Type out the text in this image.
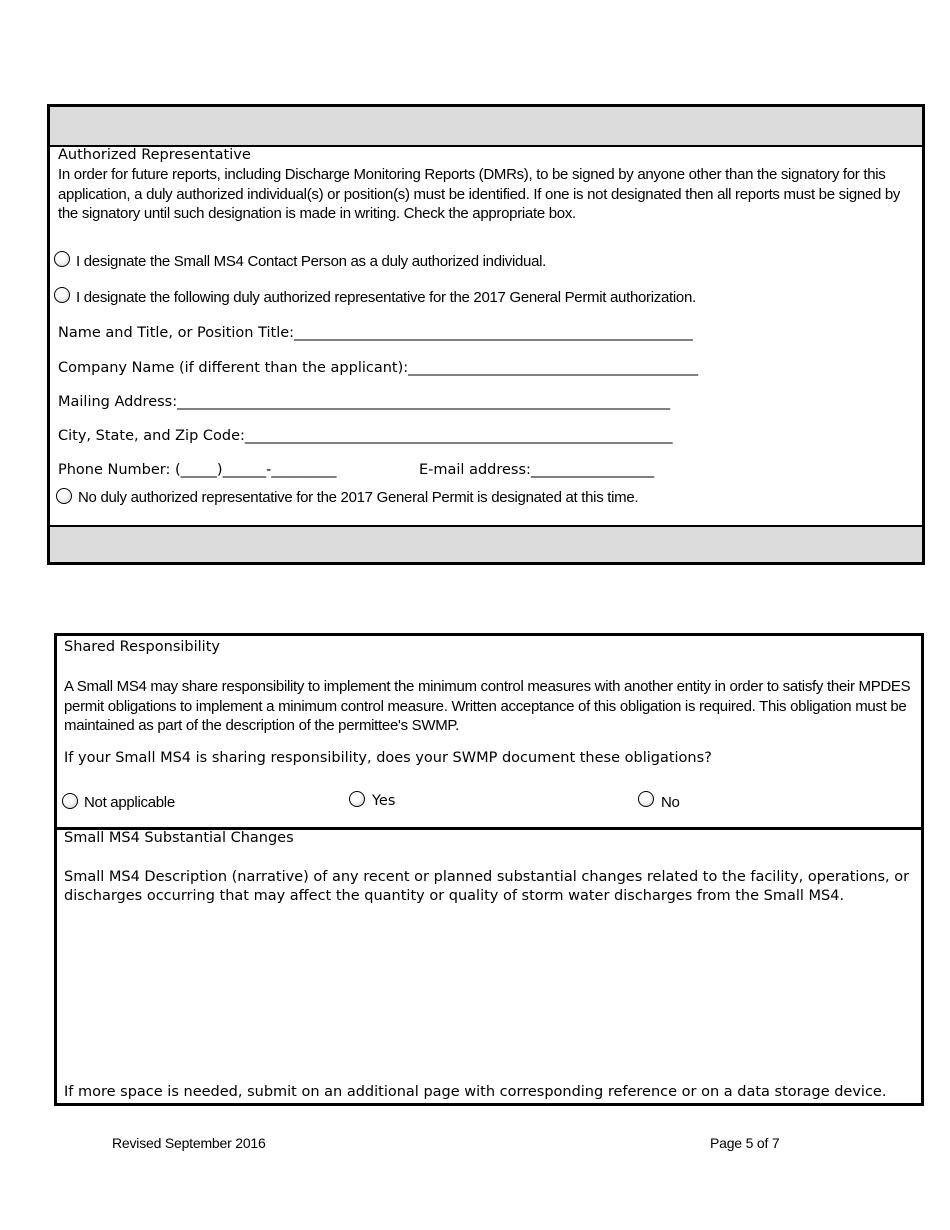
Authorized Representative
In order for future reports, including Discharge Monitoring Reports (DMRs), to be signed by anyone other than the signatory for this application, a duly authorized individual(s) or position(s) must be identified. If one is not designated then all reports must be signed by the signatory until such designation is made in writing. Check the appropriate box.
I designate the Small MS4 Contact Person as a duly authorized individual.
I designate the following duly authorized representative for the 2017 General Permit authorization.
Name and Title, or Position Title:_______________________________________________________
Company Name (if different than the applicant):________________________________________
Mailing Address:____________________________________________________________________
City, State, and Zip Code:___________________________________________________________
Phone Number: (_____)______-_________	E-mail address:_________________
No duly authorized representative for the 2017 General Permit is designated at this time.
Shared Responsibility
A Small MS4 may share responsibility to implement the minimum control measures with another entity in order to satisfy their MPDES permit obligations to implement a minimum control measure. Written acceptance of this obligation is required. This obligation must be maintained as part of the description of the permittee's SWMP.
If your Small MS4 is sharing responsibility, does your SWMP document these obligations?
Not applicable	Yes	No
Small MS4 Substantial Changes
Small MS4 Description (narrative) of any recent or planned substantial changes related to the facility, operations, or
discharges occurring that may affect the quantity or quality of storm water discharges from the Small MS4.
If more space is needed, submit on an additional page with corresponding reference or on a data storage device.
Revised September 2016	Page 5 of 7
